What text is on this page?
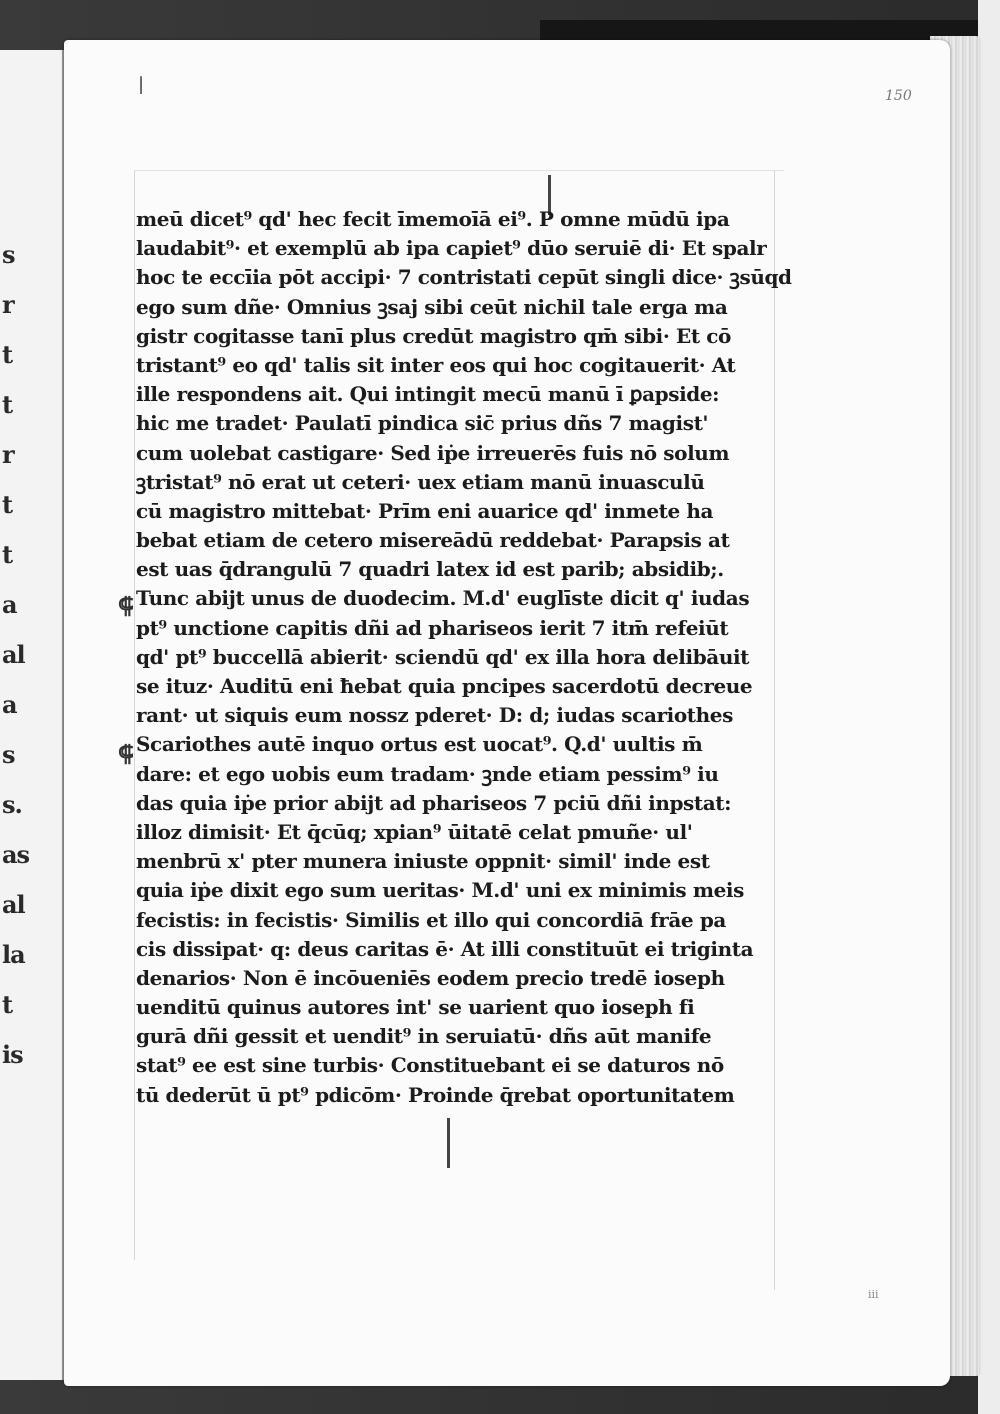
s
r
t
t
r
t
t
a
al
a
s
s.
as
al
la
t
is
|
150
iii
⸿
⸿
meū dicet⁹ qd' hec fecit īmemoīā ei⁹. P omne mūdū ipa
laudabit⁹· et exemplū ab ipa capiet⁹ dūo seruiē di· Et spalr
hoc te eccīia pōt accipi· 7 contristati cepūt singli dice· ꝫsūqd
ego sum dñe· Omnius ꝫsaj sibi ceūt nichil tale erga ma
gistr cogitasse tanī plus credūt magistro qm̄ sibi· Et cō
tristant⁹ eo qd' talis sit inter eos qui hoc cogitauerit· At
ille respondens ait. Qui intingit mecū manū ī ꝑapside:
hic me tradet· Paulatī pindica sic̄ prius dñs 7 magist'
cum uolebat castigare· Sed iṗe irreuerēs fuis nō solum
ꝫtristat⁹ nō erat ut ceteri· uex etiam manū inuasculū
cū magistro mittebat· Prīm eni auarice qd' inmete ha
bebat etiam de cetero misereādū reddebat· Parapsis at
est uas q̄drangulū 7 quadri latex id est parib; absidib;.
Tunc abijt unus de duodecim. M.d' euglīste dicit q' iudas
pt⁹ unctione capitis dñi ad phariseos ierit 7 itm̄ refeiūt
qd' pt⁹ buccellā abierit· sciendū qd' ex illa hora delibāuit
se ituz· Auditū eni ħebat quia pncipes sacerdotū decreue
rant· ut siquis eum nossz pderet· D: d; iudas scariothes
Scariothes autē inquo ortus est uocat⁹. Q.d' uultis m̄
dare: et ego uobis eum tradam· ꝫnde etiam pessim⁹ iu
das quia iṗe prior abijt ad phariseos 7 pciū dñi inpstat:
illoz dimisit· Et q̄cūq; xpian⁹ ūitatē celat pmuñe· ul'
menbrū x' pter munera iniuste oppnit· simil' inde est
quia iṗe dixit ego sum ueritas· M.d' uni ex minimis meis
fecistis: in fecistis· Similis et illo qui concordiā frāe pa
cis dissipat· q: deus caritas ē· At illi constituūt ei triginta
denarios· Non ē incōueniēs eodem precio tredē ioseph
uenditū quinus autores int' se uarient quo ioseph fi
gurā dñi gessit et uendit⁹ in seruiatū· dñs aūt manife
stat⁹ ee est sine turbis· Constituebant ei se daturos nō
tū dederūt ū pt⁹ pdicōm· Proinde q̄rebat oportunitatem
